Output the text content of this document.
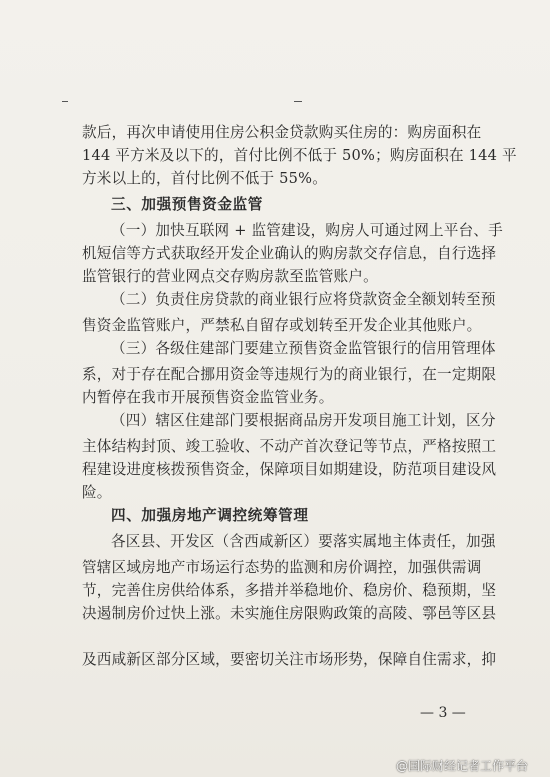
款后，再次申请使用住房公积金贷款购买住房的：购房面积在
144 平方米及以下的，首付比例不低于 50%；购房面积在 144 平
方米以上的，首付比例不低于 55%。
三、加强预售资金监管
（一）加快互联网 + 监管建设，购房人可通过网上平台、手
机短信等方式获取经开发企业确认的购房款交存信息，自行选择
监管银行的营业网点交存购房款至监管账户。
（二）负责住房贷款的商业银行应将贷款资金全额划转至预
售资金监管账户，严禁私自留存或划转至开发企业其他账户。
（三）各级住建部门要建立预售资金监管银行的信用管理体
系，对于存在配合挪用资金等违规行为的商业银行，在一定期限
内暂停在我市开展预售资金监管业务。
（四）辖区住建部门要根据商品房开发项目施工计划，区分
主体结构封顶、竣工验收、不动产首次登记等节点，严格按照工
程建设进度核拨预售资金，保障项目如期建设，防范项目建设风
险。
四、加强房地产调控统筹管理
各区县、开发区（含西咸新区）要落实属地主体责任，加强
管辖区域房地产市场运行态势的监测和房价调控，加强供需调
节，完善住房供给体系，多措并举稳地价、稳房价、稳预期，坚
决遏制房价过快上涨。未实施住房限购政策的高陵、鄠邑等区县
— 3 —
@国际财经记者工作平台
及西咸新区部分区域，要密切关注市场形势，保障自住需求，抑
